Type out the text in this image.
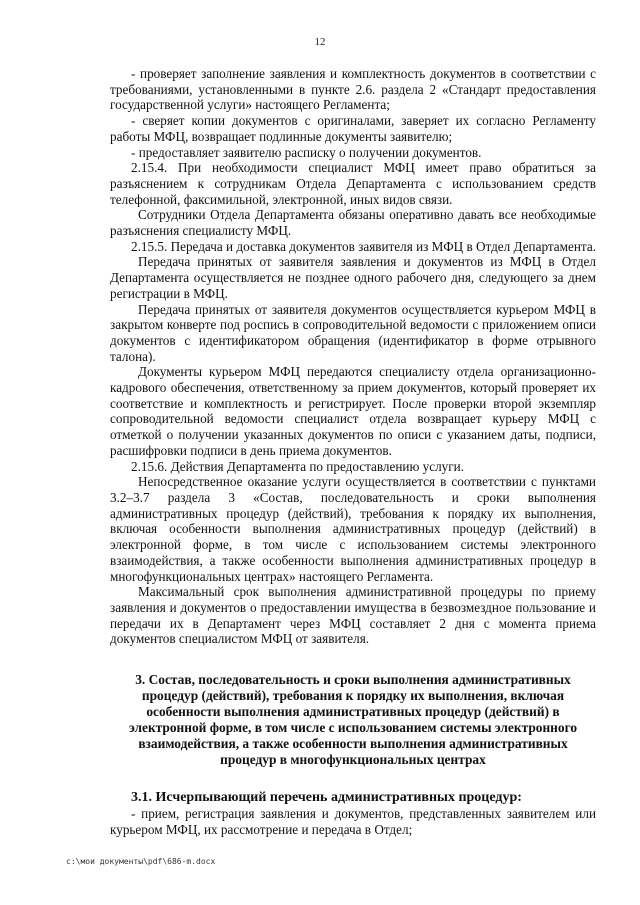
12

- проверяет заполнение заявления и комплектность документов в соответствии с требованиями, установленными в пункте 2.6. раздела 2 «Стандарт предоставления государственной услуги» настоящего Регламента;

- сверяет копии документов с оригиналами, заверяет их согласно Регламенту работы МФЦ, возвращает подлинные документы заявителю;

- предоставляет заявителю расписку о получении документов.

2.15.4. При необходимости специалист МФЦ имеет право обратиться за разъяснением к сотрудникам Отдела Департамента с использованием средств телефонной, факсимильной, электронной, иных видов связи.

Сотрудники Отдела Департамента обязаны оперативно давать все необходимые разъяснения специалисту МФЦ.

2.15.5. Передача и доставка документов заявителя из МФЦ в Отдел Департамента.

Передача принятых от заявителя заявления и документов из МФЦ в Отдел Департамента осуществляется не позднее одного рабочего дня, следующего за днем регистрации в МФЦ.

Передача принятых от заявителя документов осуществляется курьером МФЦ в закрытом конверте под роспись в сопроводительной ведомости с приложением описи документов с идентификатором обращения (идентификатор в форме отрывного талона).

Документы курьером МФЦ передаются специалисту отдела организационно-кадрового обеспечения, ответственному за прием документов, который проверяет их соответствие и комплектность и регистрирует. После проверки второй экземпляр сопроводительной ведомости специалист отдела возвращает курьеру МФЦ с отметкой о получении указанных документов по описи с указанием даты, подписи, расшифровки подписи в день приема документов.

2.15.6. Действия Департамента по предоставлению услуги.

Непосредственное оказание услуги осуществляется в соответствии с пунктами 3.2–3.7 раздела 3 «Состав, последовательность и сроки выполнения административных процедур (действий), требования к порядку их выполнения, включая особенности выполнения административных процедур (действий) в электронной форме, в том числе с использованием системы электронного взаимодействия, а также особенности выполнения административных процедур в многофункциональных центрах» настоящего Регламента.

Максимальный срок выполнения административной процедуры по приему заявления и документов о предоставлении имущества в безвозмездное пользование и передачи их в Департамент через МФЦ составляет 2 дня с момента приема документов специалистом МФЦ от заявителя.

3. Состав, последовательность и сроки выполнения административных процедур (действий), требования к порядку их выполнения, включая особенности выполнения административных процедур (действий) в электронной форме, в том числе с использованием системы электронного взаимодействия, а также особенности выполнения административных процедур в многофункциональных центрах

3.1. Исчерпывающий перечень административных процедур:

- прием, регистрация заявления и документов, представленных заявителем или курьером МФЦ, их рассмотрение и передача в Отдел;

c:\мои документы\pdf\686-m.docx
